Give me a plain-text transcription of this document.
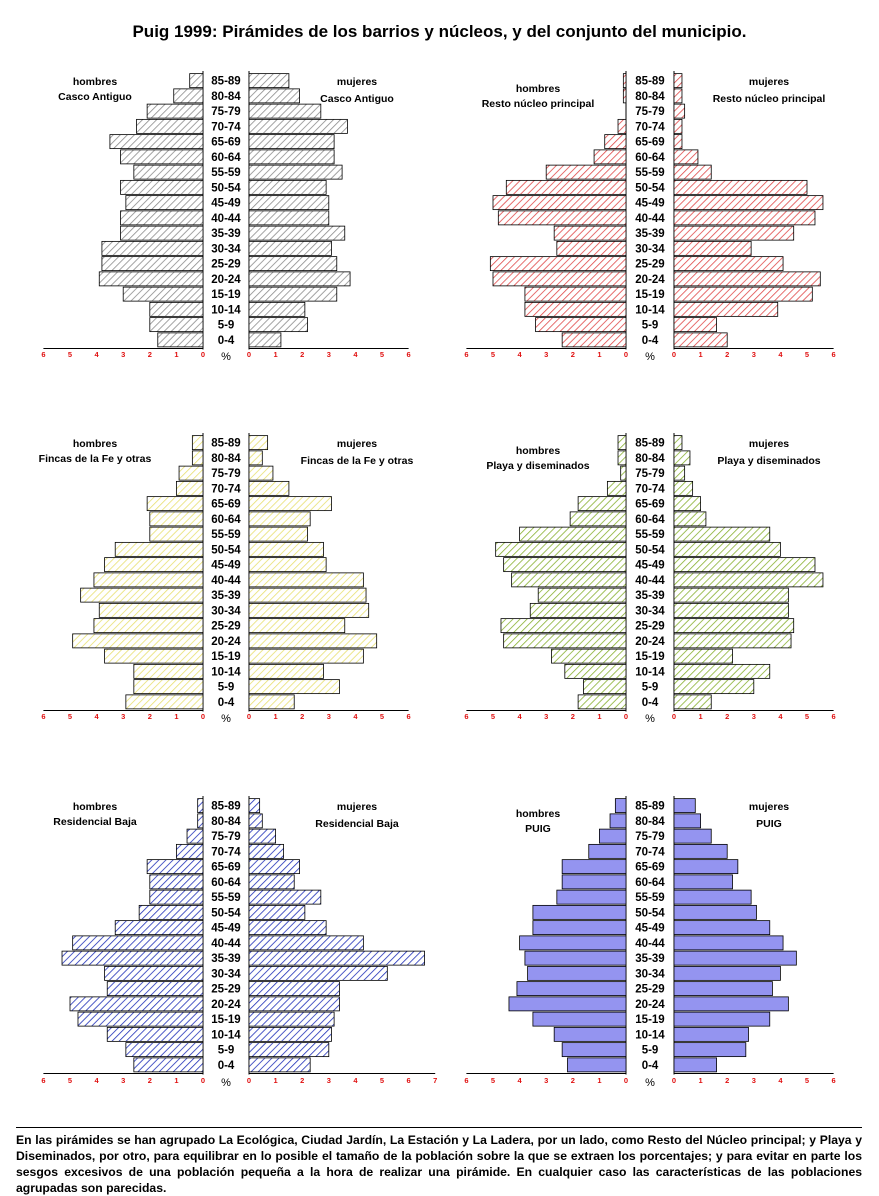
Puig 1999: Pirámides de los barrios y núcleos, y del conjunto del municipio.
0-4
5-9
10-14
15-19
20-24
25-29
30-34
35-39
40-44
45-49
50-54
55-59
60-64
65-69
70-74
75-79
80-84
85-89
6	5	4	3	2	1	0	0	1	2	3	4	5	6
%
hombres
Casco Antiguo
mujeres
Casco Antiguo
0-4
5-9
10-14
15-19
20-24
25-29
30-34
35-39
40-44
45-49
50-54
55-59
60-64
65-69
70-74
75-79
80-84
85-89
6	5	4	3	2	1	0	0	1	2	3	4	5	6
%
hombres
Resto núcleo principal
mujeres
Resto núcleo principal
0-4
5-9
10-14
15-19
20-24
25-29
30-34
35-39
40-44
45-49
50-54
55-59
60-64
65-69
70-74
75-79
80-84
85-89
6	5	4	3	2	1	0	0	1	2	3	4	5	6
%
hombres
Fincas de la Fe y otras
mujeres
Fincas de la Fe y otras
0-4
5-9
10-14
15-19
20-24
25-29
30-34
35-39
40-44
45-49
50-54
55-59
60-64
65-69
70-74
75-79
80-84
85-89
6	5	4	3	2	1	0	0	1	2	3	4	5	6
%
hombres
Playa y diseminados
mujeres
Playa y diseminados
0-4
5-9
10-14
15-19
20-24
25-29
30-34
35-39
40-44
45-49
50-54
55-59
60-64
65-69
70-74
75-79
80-84
85-89
6	5	4	3	2	1	0	0	1	2	3	4	5	6	7
%
hombres
Residencial Baja
mujeres
Residencial Baja
0-4
5-9
10-14
15-19
20-24
25-29
30-34
35-39
40-44
45-49
50-54
55-59
60-64
65-69
70-74
75-79
80-84
85-89
6	5	4	3	2	1	0	0	1	2	3	4	5	6
%
hombres
PUIG
mujeres
PUIG

En las pirámides se han agrupado La Ecológica, Ciudad Jardín, La Estación y La Ladera, por un lado, como Resto del Núcleo principal; y Playa y Diseminados, por otro, para equilibrar en lo posible el tamaño de la población sobre la que se extraen los porcentajes; y para evitar en parte los sesgos excesivos de una población pequeña a la hora de realizar una pirámide. En cualquier caso las características de las poblaciones agrupadas son parecidas.
